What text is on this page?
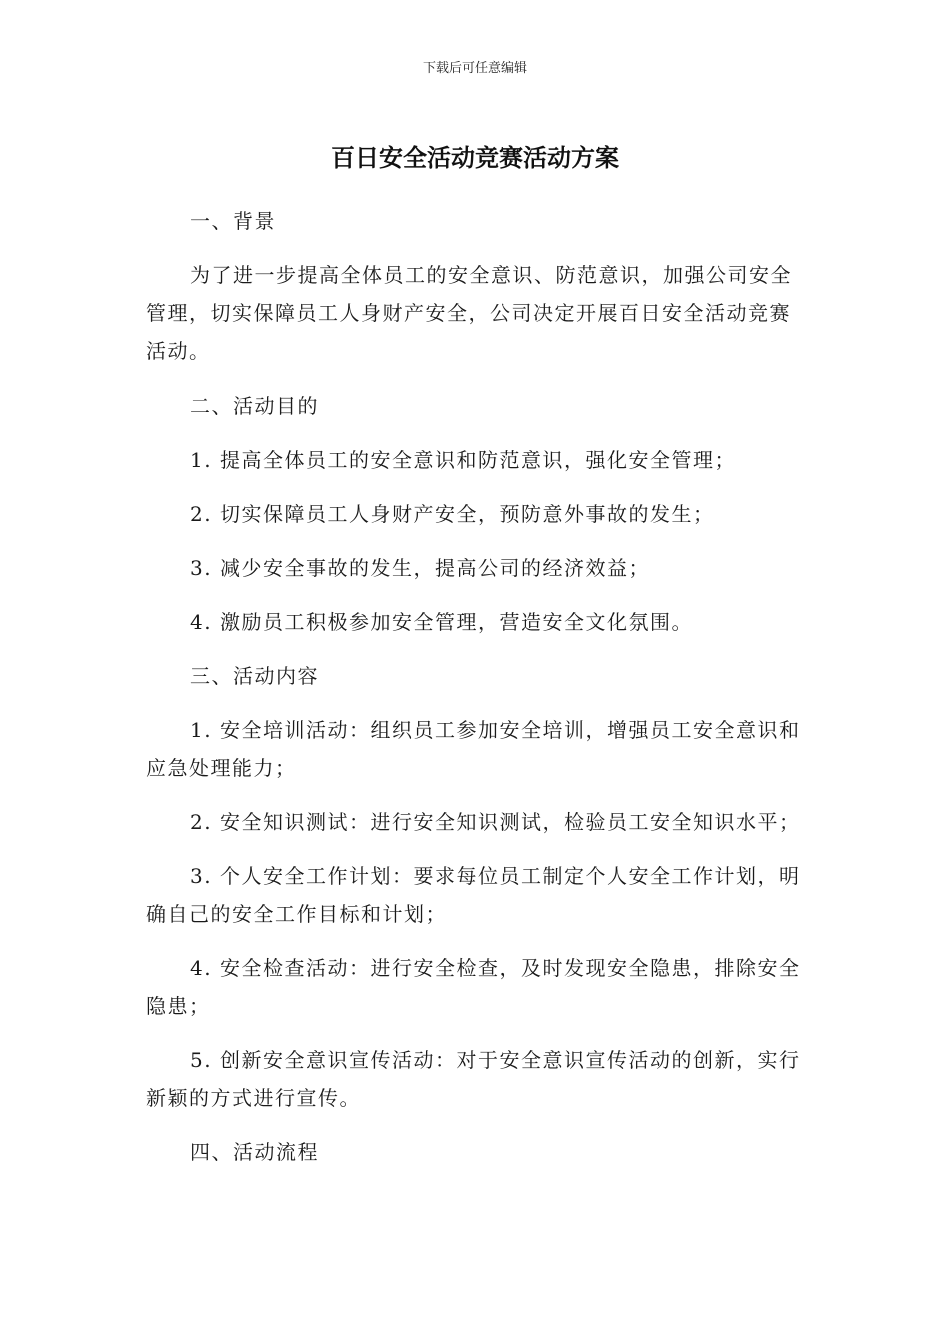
下载后可任意编辑
百日安全活动竞赛活动方案
一、背景

为了进一步提高全体员工的安全意识、防范意识，加强公司安全管理，切实保障员工人身财产安全，公司决定开展百日安全活动竞赛活动。

二、活动目的

1. 提高全体员工的安全意识和防范意识，强化安全管理；

2. 切实保障员工人身财产安全，预防意外事故的发生；

3. 减少安全事故的发生，提高公司的经济效益；

4. 激励员工积极参加安全管理，营造安全文化氛围。

三、活动内容

1. 安全培训活动：组织员工参加安全培训，增强员工安全意识和应急处理能力；

2. 安全知识测试：进行安全知识测试，检验员工安全知识水平；

3. 个人安全工作计划：要求每位员工制定个人安全工作计划，明确自己的安全工作目标和计划；

4. 安全检查活动：进行安全检查，及时发现安全隐患，排除安全隐患；

5. 创新安全意识宣传活动：对于安全意识宣传活动的创新，实行新颖的方式进行宣传。

四、活动流程
